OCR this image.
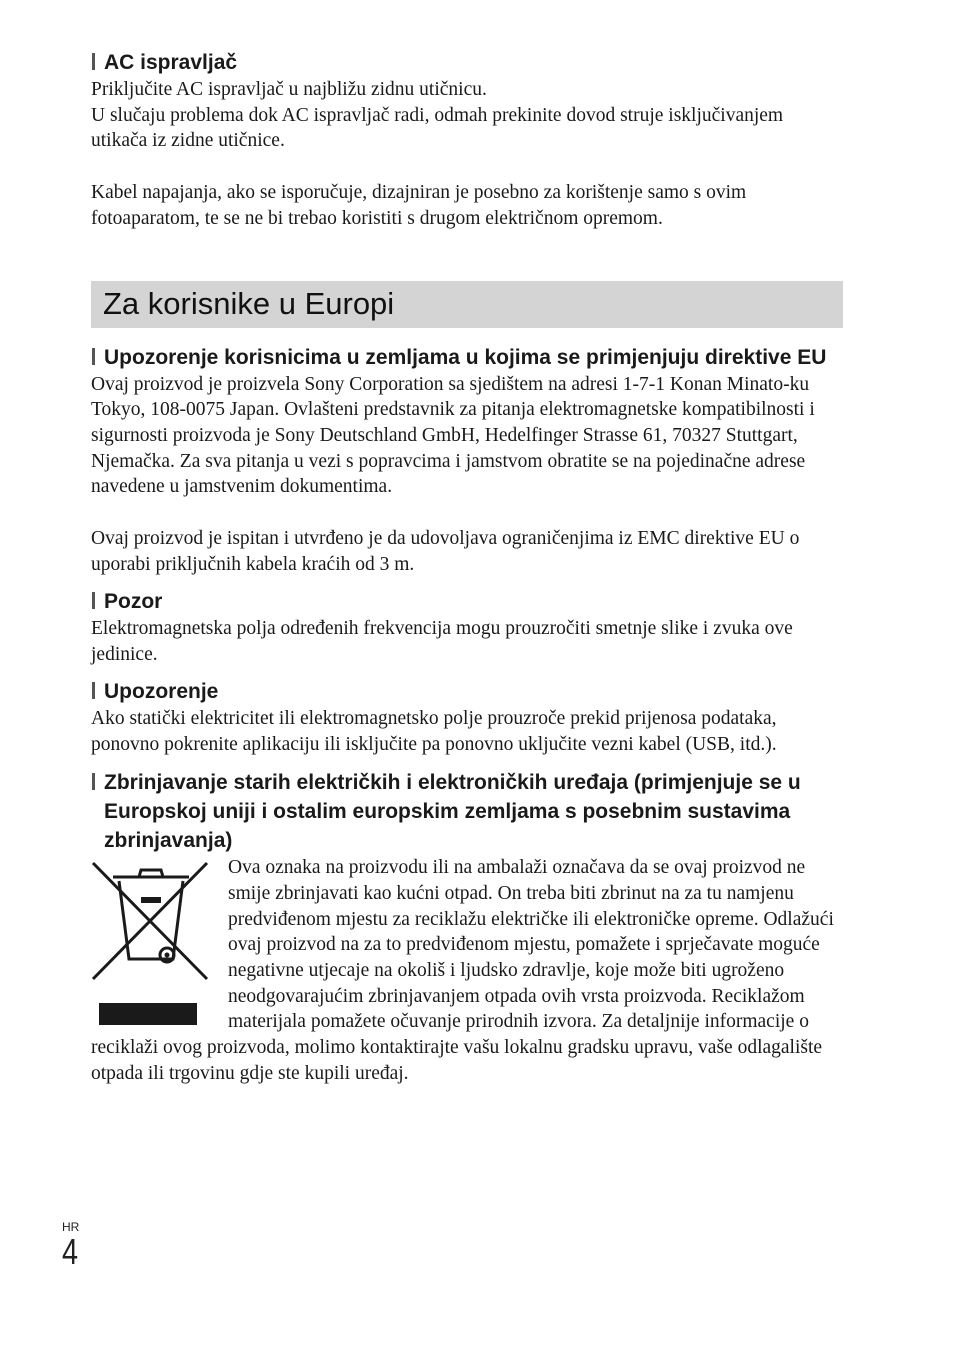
AC ispravljač

Priključite AC ispravljač u najbližu zidnu utičnicu.

U slučaju problema dok AC ispravljač radi, odmah prekinite dovod struje isključivanjem utikača iz zidne utičnice.

Kabel napajanja, ako se isporučuje, dizajniran je posebno za korištenje samo s ovim fotoaparatom, te se ne bi trebao koristiti s drugom električnom opremom.

Za korisnike u Europi
Upozorenje korisnicima u zemljama u kojima se primjenjuju direktive EU

Ovaj proizvod je proizvela Sony Corporation sa sjedištem na adresi 1-7-1 Konan Minato-ku Tokyo, 108-0075 Japan. Ovlašteni predstavnik za pitanja elektromagnetske kompatibilnosti i sigurnosti proizvoda je Sony Deutschland GmbH, Hedelfinger Strasse 61, 70327 Stuttgart, Njemačka. Za sva pitanja u vezi s popravcima i jamstvom obratite se na pojedinačne adrese navedene u jamstvenim dokumentima.

Ovaj proizvod je ispitan i utvrđeno je da udovoljava ograničenjima iz EMC direktive EU o uporabi priključnih kabela kraćih od 3 m.

Pozor

Elektromagnetska polja određenih frekvencija mogu prouzročiti smetnje slike i zvuka ove jedinice.

Upozorenje

Ako statički elektricitet ili elektromagnetsko polje prouzroče prekid prijenosa podataka, ponovno pokrenite aplikaciju ili isključite pa ponovno uključite vezni kabel (USB, itd.).

Zbrinjavanje starih električkih i elektroničkih uređaja (primjenjuje se u Europskoj uniji i ostalim europskim zemljama s posebnim sustavima zbrinjavanja)

Ova oznaka na proizvodu ili na ambalaži označava da se ovaj proizvod ne smije zbrinjavati kao kućni otpad. On treba biti zbrinut na za tu namjenu predviđenom mjestu za reciklažu električke ili elektroničke opreme. Odlažući ovaj proizvod na za to predviđenom mjestu, pomažete i sprječavate moguće negativne utjecaje na okoliš i ljudsko zdravlje, koje može biti ugroženo neodgovarajućim zbrinjavanjem otpada ovih vrsta proizvoda. Reciklažom materijala pomažete očuvanje prirodnih izvora. Za detaljnije informacije o reciklaži ovog proizvoda, molimo kontaktirajte vašu lokalnu gradsku upravu, vaše odlagalište otpada ili trgovinu gdje ste kupili uređaj.

HR
4
